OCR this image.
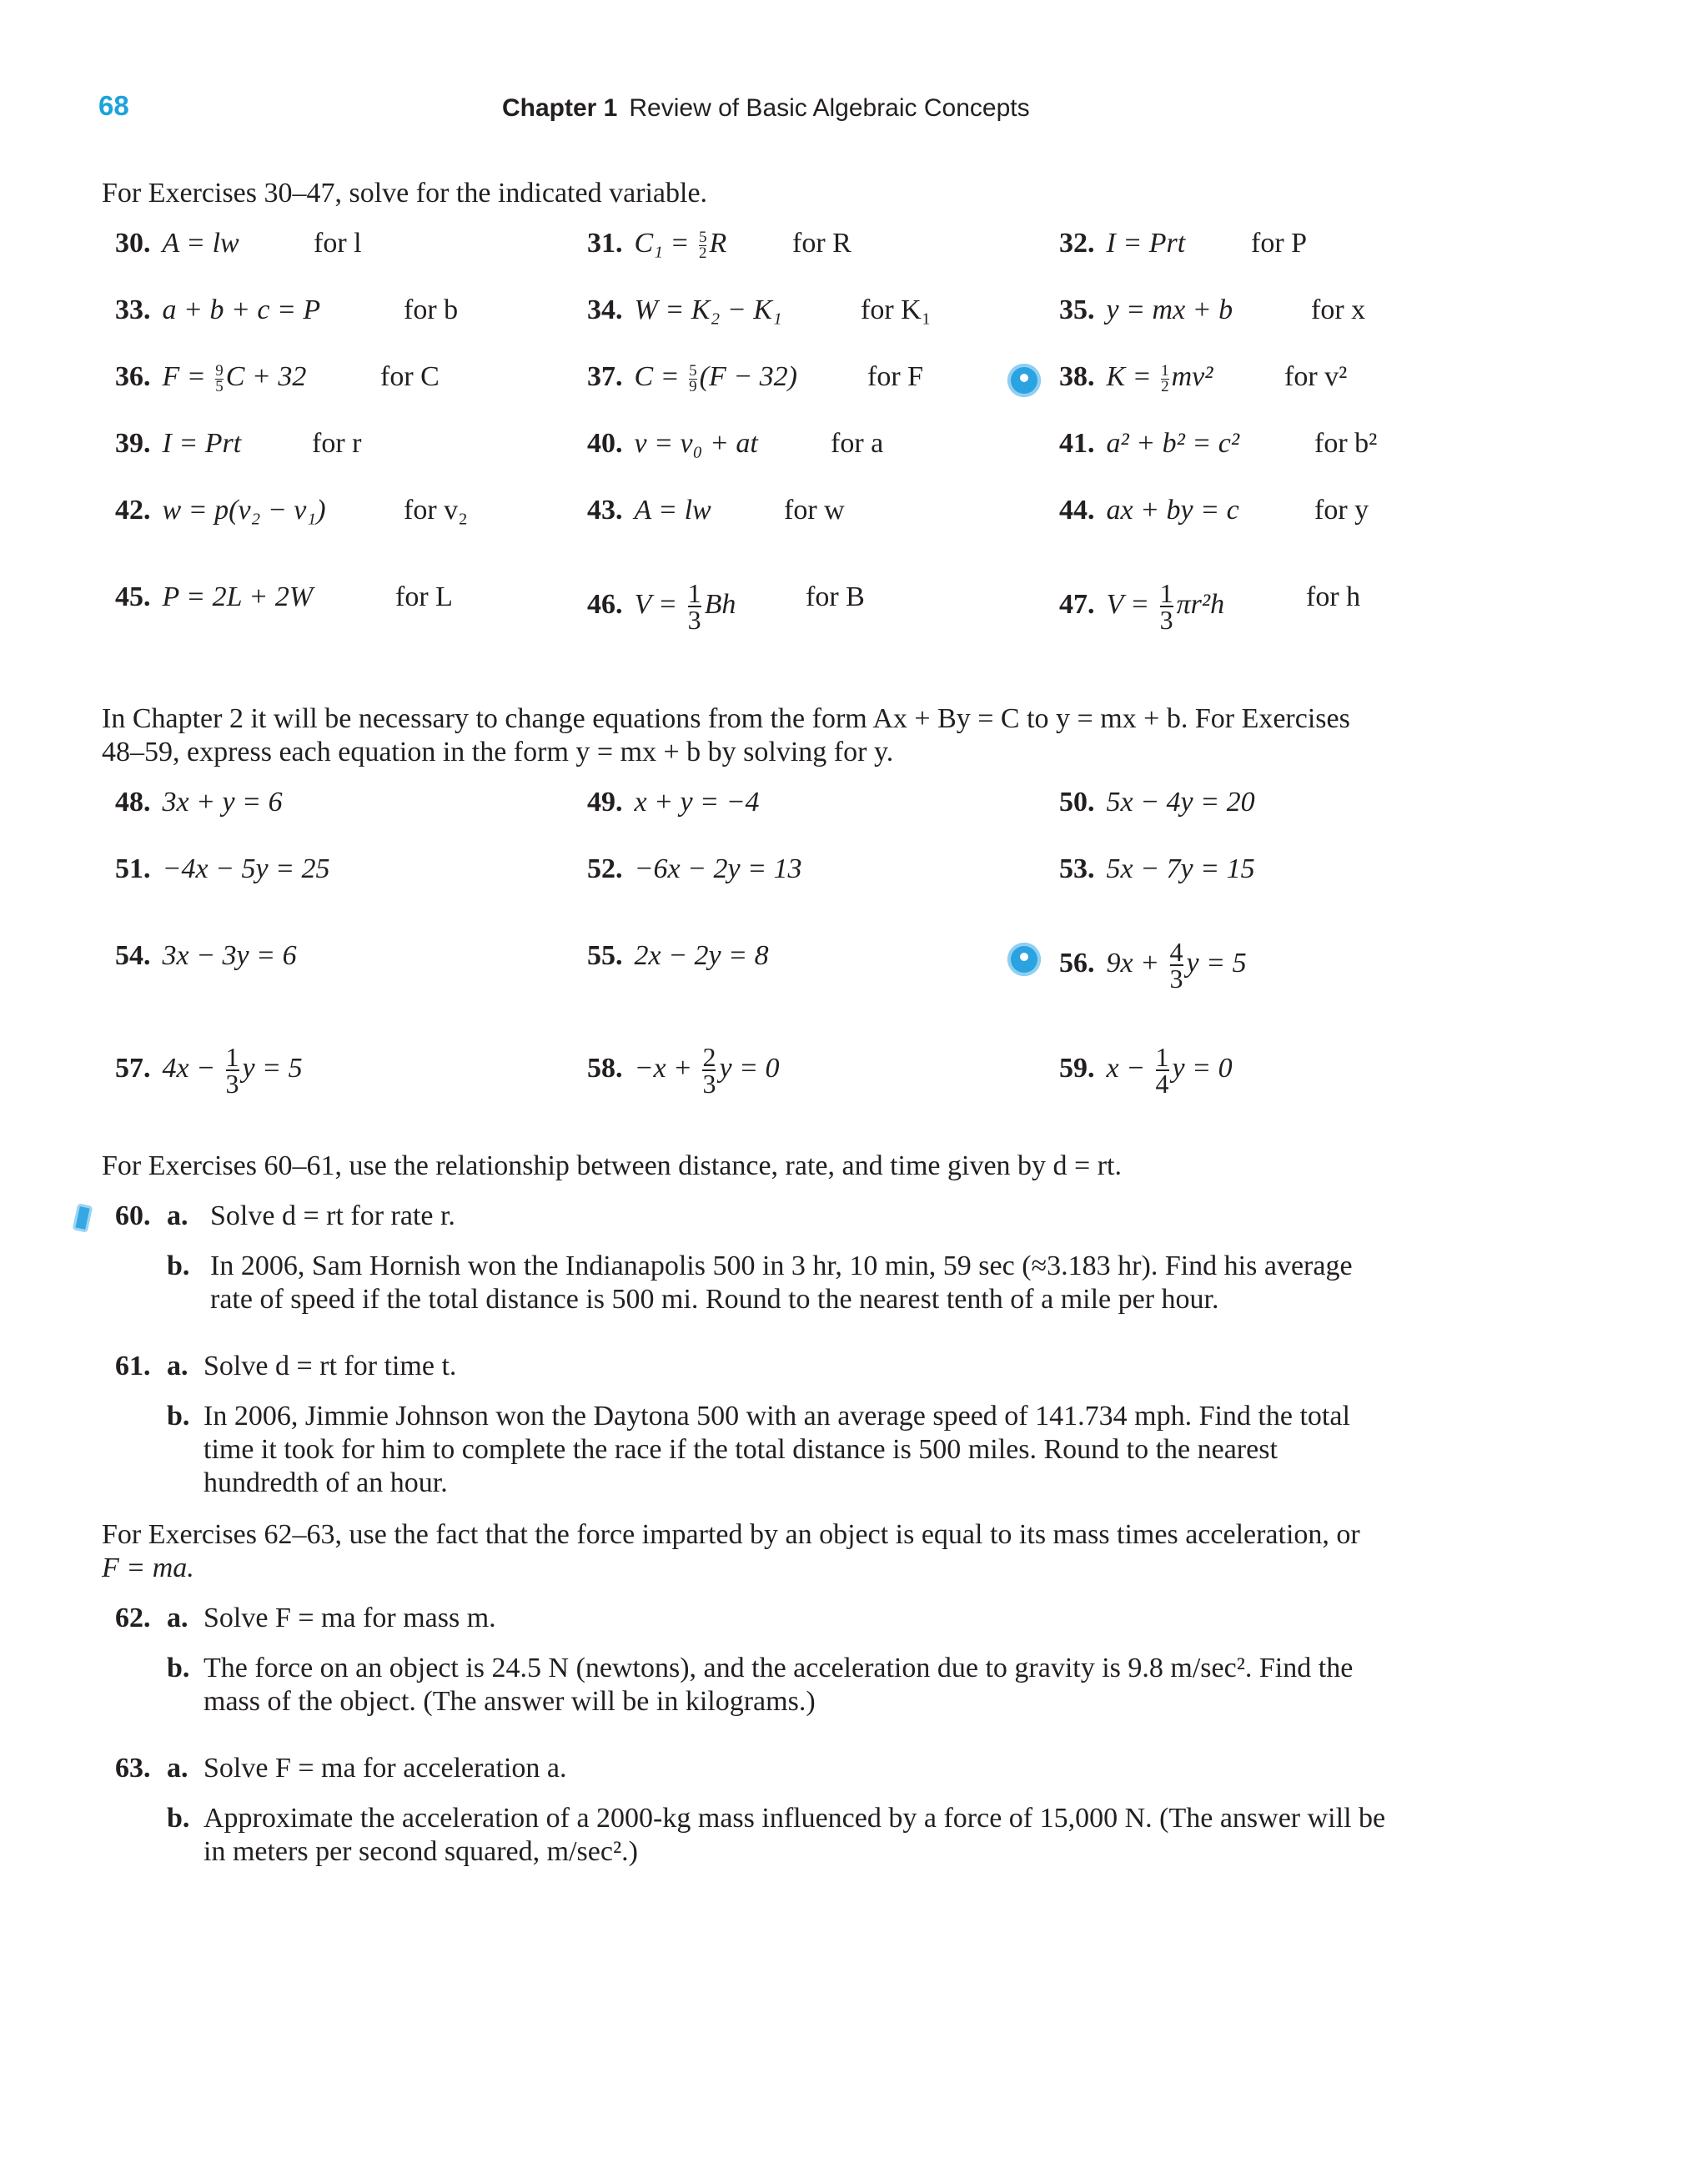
68	Chapter 1 Review of Basic Algebraic Concepts
For Exercises 30–47, solve for the indicated variable.
30. A = lw	for l	31. $C_1 = \frac{5}{2}$ R for R	32. I = Prt for P
33. a + b + c = P	for b	34. W = K₂ − K₁	for K₁	35. y = mx + b	for x
36. $F = \frac{9}{5}$ C + 32	for C	37. $C = \frac{5}{9} (F - 32)$ for F	38. $K = \frac{1}{2} mv^2$	for v²
39. I = Prt for r	40. v = v₀ + at	for a	41. a² + b² = c²	for b²
42. w = p(v₂ − v₁)	for v₂	43. A = lw	for w	44. ax + by = c	for y
45. P = 2L + 2W	for L	46. $V = \frac{1}{3}$ Bh for B	47. $V = \frac{1}{3} \pi r^2h$	for h
In Chapter 2 it will be necessary to change equations from the form Ax + By = C to y = mx + b. For Exercises
48–59, express each equation in the form y = mx + b by solving for y.
48. 3x + y = 6	49. x + y = −4	50. 5x − 4y = 20
51. −4x − 5y = 25	52. −6x − 2y = 13	53. 5x − 7y = 15
54. 3x − 3y = 6	55. 2x − 2y = 8	56. $9x + \frac{4}{3}$ y = 5
57. $4x - \frac{1}{3}$ y = 5	58. $-x + \frac{2}{3}$ y = 0	59. $x - \frac{1}{4}$ y = 0
For Exercises 60–61, use the relationship between distance, rate, and time given by d = rt.
60. a. Solve d = rt for rate r.
b. In 2006, Sam Hornish won the Indianapolis 500 in 3 hr, 10 min, 59 sec (≈3.183 hr). Find his average
rate of speed if the total distance is 500 mi. Round to the nearest tenth of a mile per hour.
61. a. Solve d = rt for time t.
b. In 2006, Jimmie Johnson won the Daytona 500 with an average speed of 141.734 mph. Find the total
time it took for him to complete the race if the total distance is 500 miles. Round to the nearest
hundredth of an hour.
For Exercises 62–63, use the fact that the force imparted by an object is equal to its mass times acceleration, or
F = ma.
62. a. Solve F = ma for mass m.
b. The force on an object is 24.5 N (newtons), and the acceleration due to gravity is 9.8 m/sec². Find the
mass of the object. (The answer will be in kilograms.)
63. a. Solve F = ma for acceleration a.
b. Approximate the acceleration of a 2000-kg mass influenced by a force of 15,000 N. (The answer will be
in meters per second squared, m/sec².)
